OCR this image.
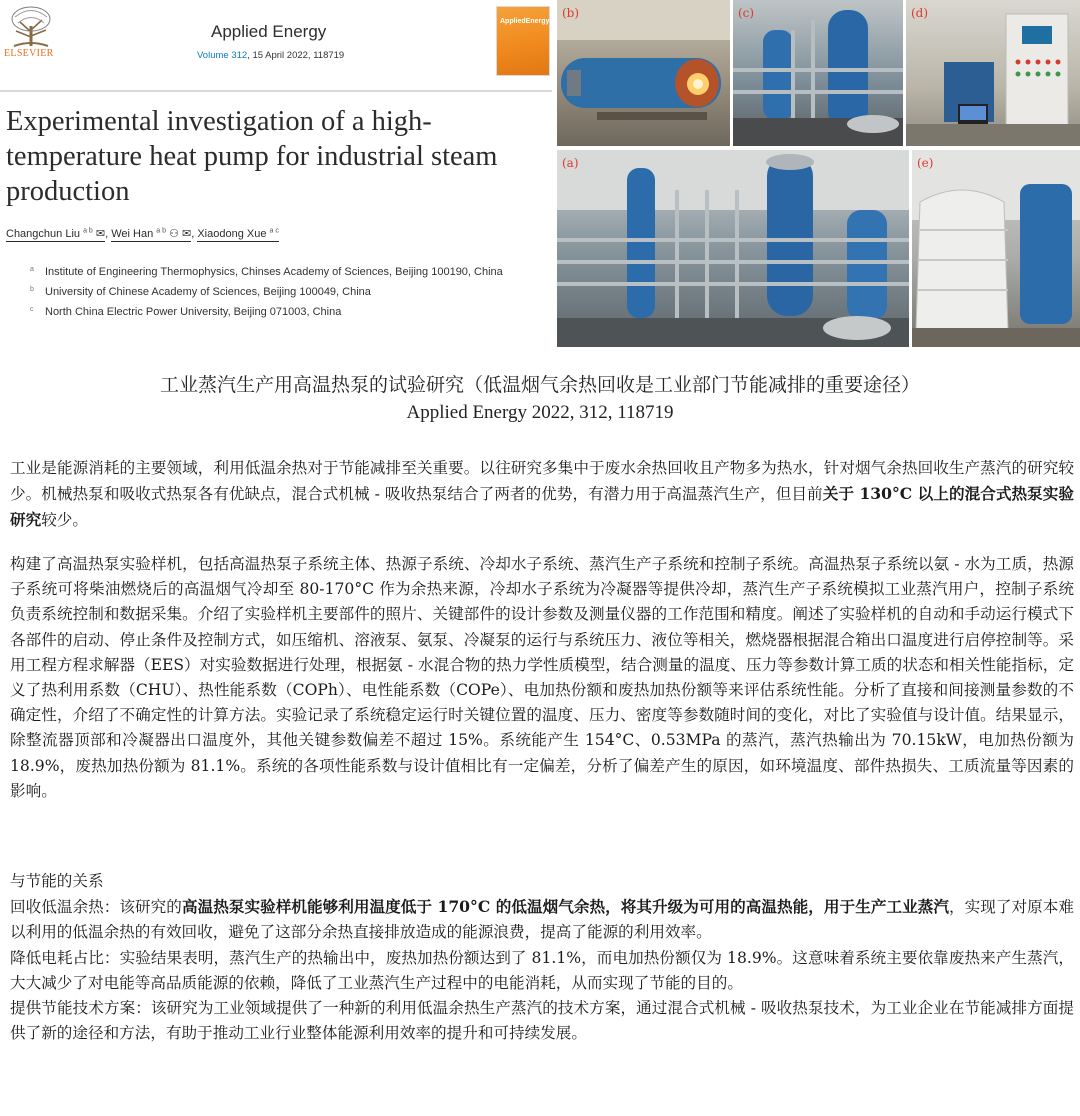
ELSEVIER
Applied Energy
Volume 312, 15 April 2022, 118719
AppliedEnergy
Experimental investigation of a high-temperature heat pump for industrial steam production
Changchun Liu $^{a b}$ ✉, Wei Han $^{a b}$ ⚇ ✉, Xiaodong Xue $^{a c}$
a Institute of Engineering Thermophysics, Chinses Academy of Sciences, Beijing 100190, China
b University of Chinese Academy of Sciences, Beijing 100049, China
c North China Electric Power University, Beijing 071003, China
(b)	(c)	(d)
(a)	(e)
工业蒸汽生产用高温热泵的试验研究（低温烟气余热回收是工业部门节能减排的重要途径）
Applied Energy 2022, 312, 118719
工业是能源消耗的主要领域，利用低温余热对于节能减排至关重要。以往研究多集中于废水余热回收且产物多为热水，针对烟气余热回收生产蒸汽的研究较少。机械热泵和吸收式热泵各有优缺点，混合式机械 - 吸收热泵结合了两者的优势，有潜力用于高温蒸汽生产，但目前关于 130°C 以上的混合式热泵实验研究较少。
构建了高温热泵实验样机，包括高温热泵子系统主体、热源子系统、冷却水子系统、蒸汽生产子系统和控制子系统。高温热泵子系统以氨 - 水为工质，热源子系统可将柴油燃烧后的高温烟气冷却至 80-170°C 作为余热来源，冷却水子系统为冷凝器等提供冷却，蒸汽生产子系统模拟工业蒸汽用户，控制子系统负责系统控制和数据采集。介绍了实验样机主要部件的照片、关键部件的设计参数及测量仪器的工作范围和精度。阐述了实验样机的自动和手动运行模式下各部件的启动、停止条件及控制方式，如压缩机、溶液泵、氨泵、冷凝泵的运行与系统压力、液位等相关，燃烧器根据混合箱出口温度进行启停控制等。采用工程方程求解器（EES）对实验数据进行处理，根据氨 - 水混合物的热力学性质模型，结合测量的温度、压力等参数计算工质的状态和相关性能指标，定义了热利用系数（CHU）、热性能系数（COPh）、电性能系数（COPe）、电加热份额和废热加热份额等来评估系统性能。分析了直接和间接测量参数的不确定性，介绍了不确定性的计算方法。实验记录了系统稳定运行时关键位置的温度、压力、密度等参数随时间的变化，对比了实验值与设计值。结果显示，除整流器顶部和冷凝器出口温度外，其他关键参数偏差不超过 15%。系统能产生 154°C、0.53MPa 的蒸汽，蒸汽热输出为 70.15kW，电加热份额为 18.9%，废热加热份额为 81.1%。系统的各项性能系数与设计值相比有一定偏差，分析了偏差产生的原因，如环境温度、部件热损失、工质流量等因素的影响。
与节能的关系
回收低温余热：该研究的高温热泵实验样机能够利用温度低于 170°C 的低温烟气余热，将其升级为可用的高温热能，用于生产工业蒸汽，实现了对原本难以利用的低温余热的有效回收，避免了这部分余热直接排放造成的能源浪费，提高了能源的利用效率。
降低电耗占比：实验结果表明，蒸汽生产的热输出中，废热加热份额达到了 81.1%，而电加热份额仅为 18.9%。这意味着系统主要依靠废热来产生蒸汽，大大减少了对电能等高品质能源的依赖，降低了工业蒸汽生产过程中的电能消耗，从而实现了节能的目的。
提供节能技术方案：该研究为工业领域提供了一种新的利用低温余热生产蒸汽的技术方案，通过混合式机械 - 吸收热泵技术，为工业企业在节能减排方面提供了新的途径和方法，有助于推动工业行业整体能源利用效率的提升和可持续发展。
